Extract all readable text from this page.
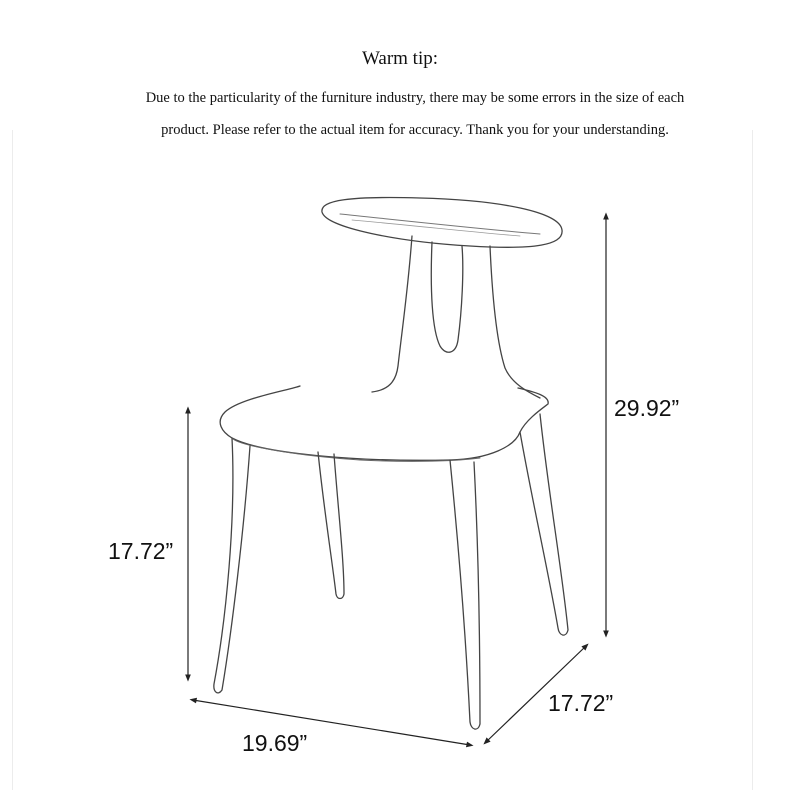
Warm tip:
Due to the particularity of the furniture industry, there may be some errors in the size of each
product. Please refer to the actual item for accuracy. Thank you for your understanding.
29.92”
17.72”
19.69”
17.72”
